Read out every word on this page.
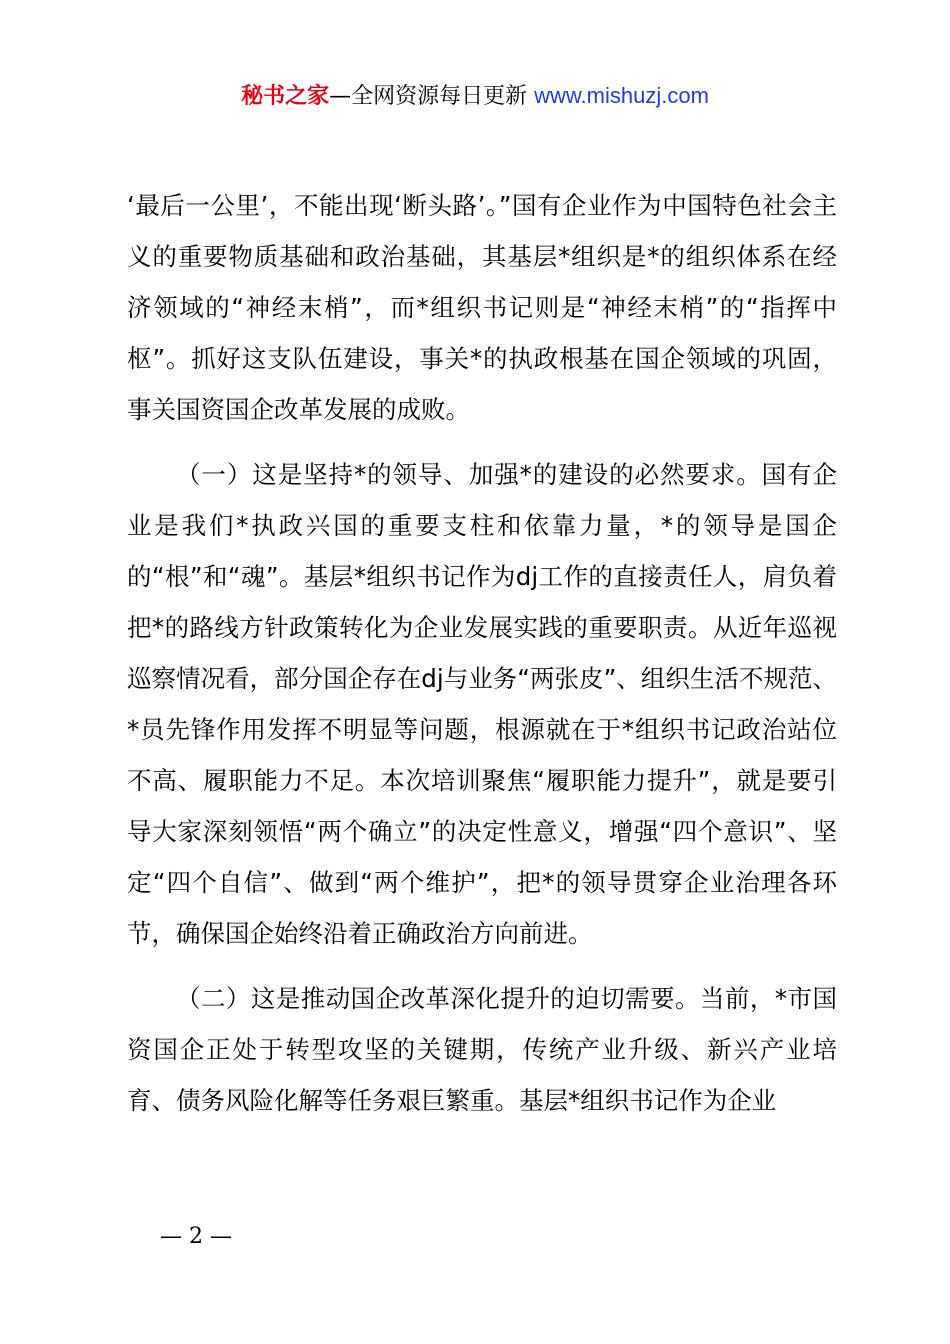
秘书之家—全网资源每日更新 www.mishuzj.com

‘最后一公里’，不能出现‘断头路’。”国有企业作为中国特色社会主义的重要物质基础和政治基础，其基层*组织是*的组织体系在经济领域的“神经末梢”，而*组织书记则是“神经末梢”的“指挥中枢”。抓好这支队伍建设，事关*的执政根基在国企领域的巩固，事关国资国企改革发展的成败。

（一）这是坚持*的领导、加强*的建设的必然要求。国有企业是我们*执政兴国的重要支柱和依靠力量，*的领导是国企的“根”和“魂”。基层*组织书记作为dj工作的直接责任人，肩负着把*的路线方针政策转化为企业发展实践的重要职责。从近年巡视巡察情况看，部分国企存在dj与业务“两张皮”、组织生活不规范、*员先锋作用发挥不明显等问题，根源就在于*组织书记政治站位不高、履职能力不足。本次培训聚焦“履职能力提升”，就是要引导大家深刻领悟“两个确立”的决定性意义，增强“四个意识”、坚定“四个自信”、做到“两个维护”，把*的领导贯穿企业治理各环节，确保国企始终沿着正确政治方向前进。

（二）这是推动国企改革深化提升的迫切需要。当前，*市国资国企正处于转型攻坚的关键期，传统产业升级、新兴产业培育、债务风险化解等任务艰巨繁重。基层*组织书记作为企业

— 2 —
